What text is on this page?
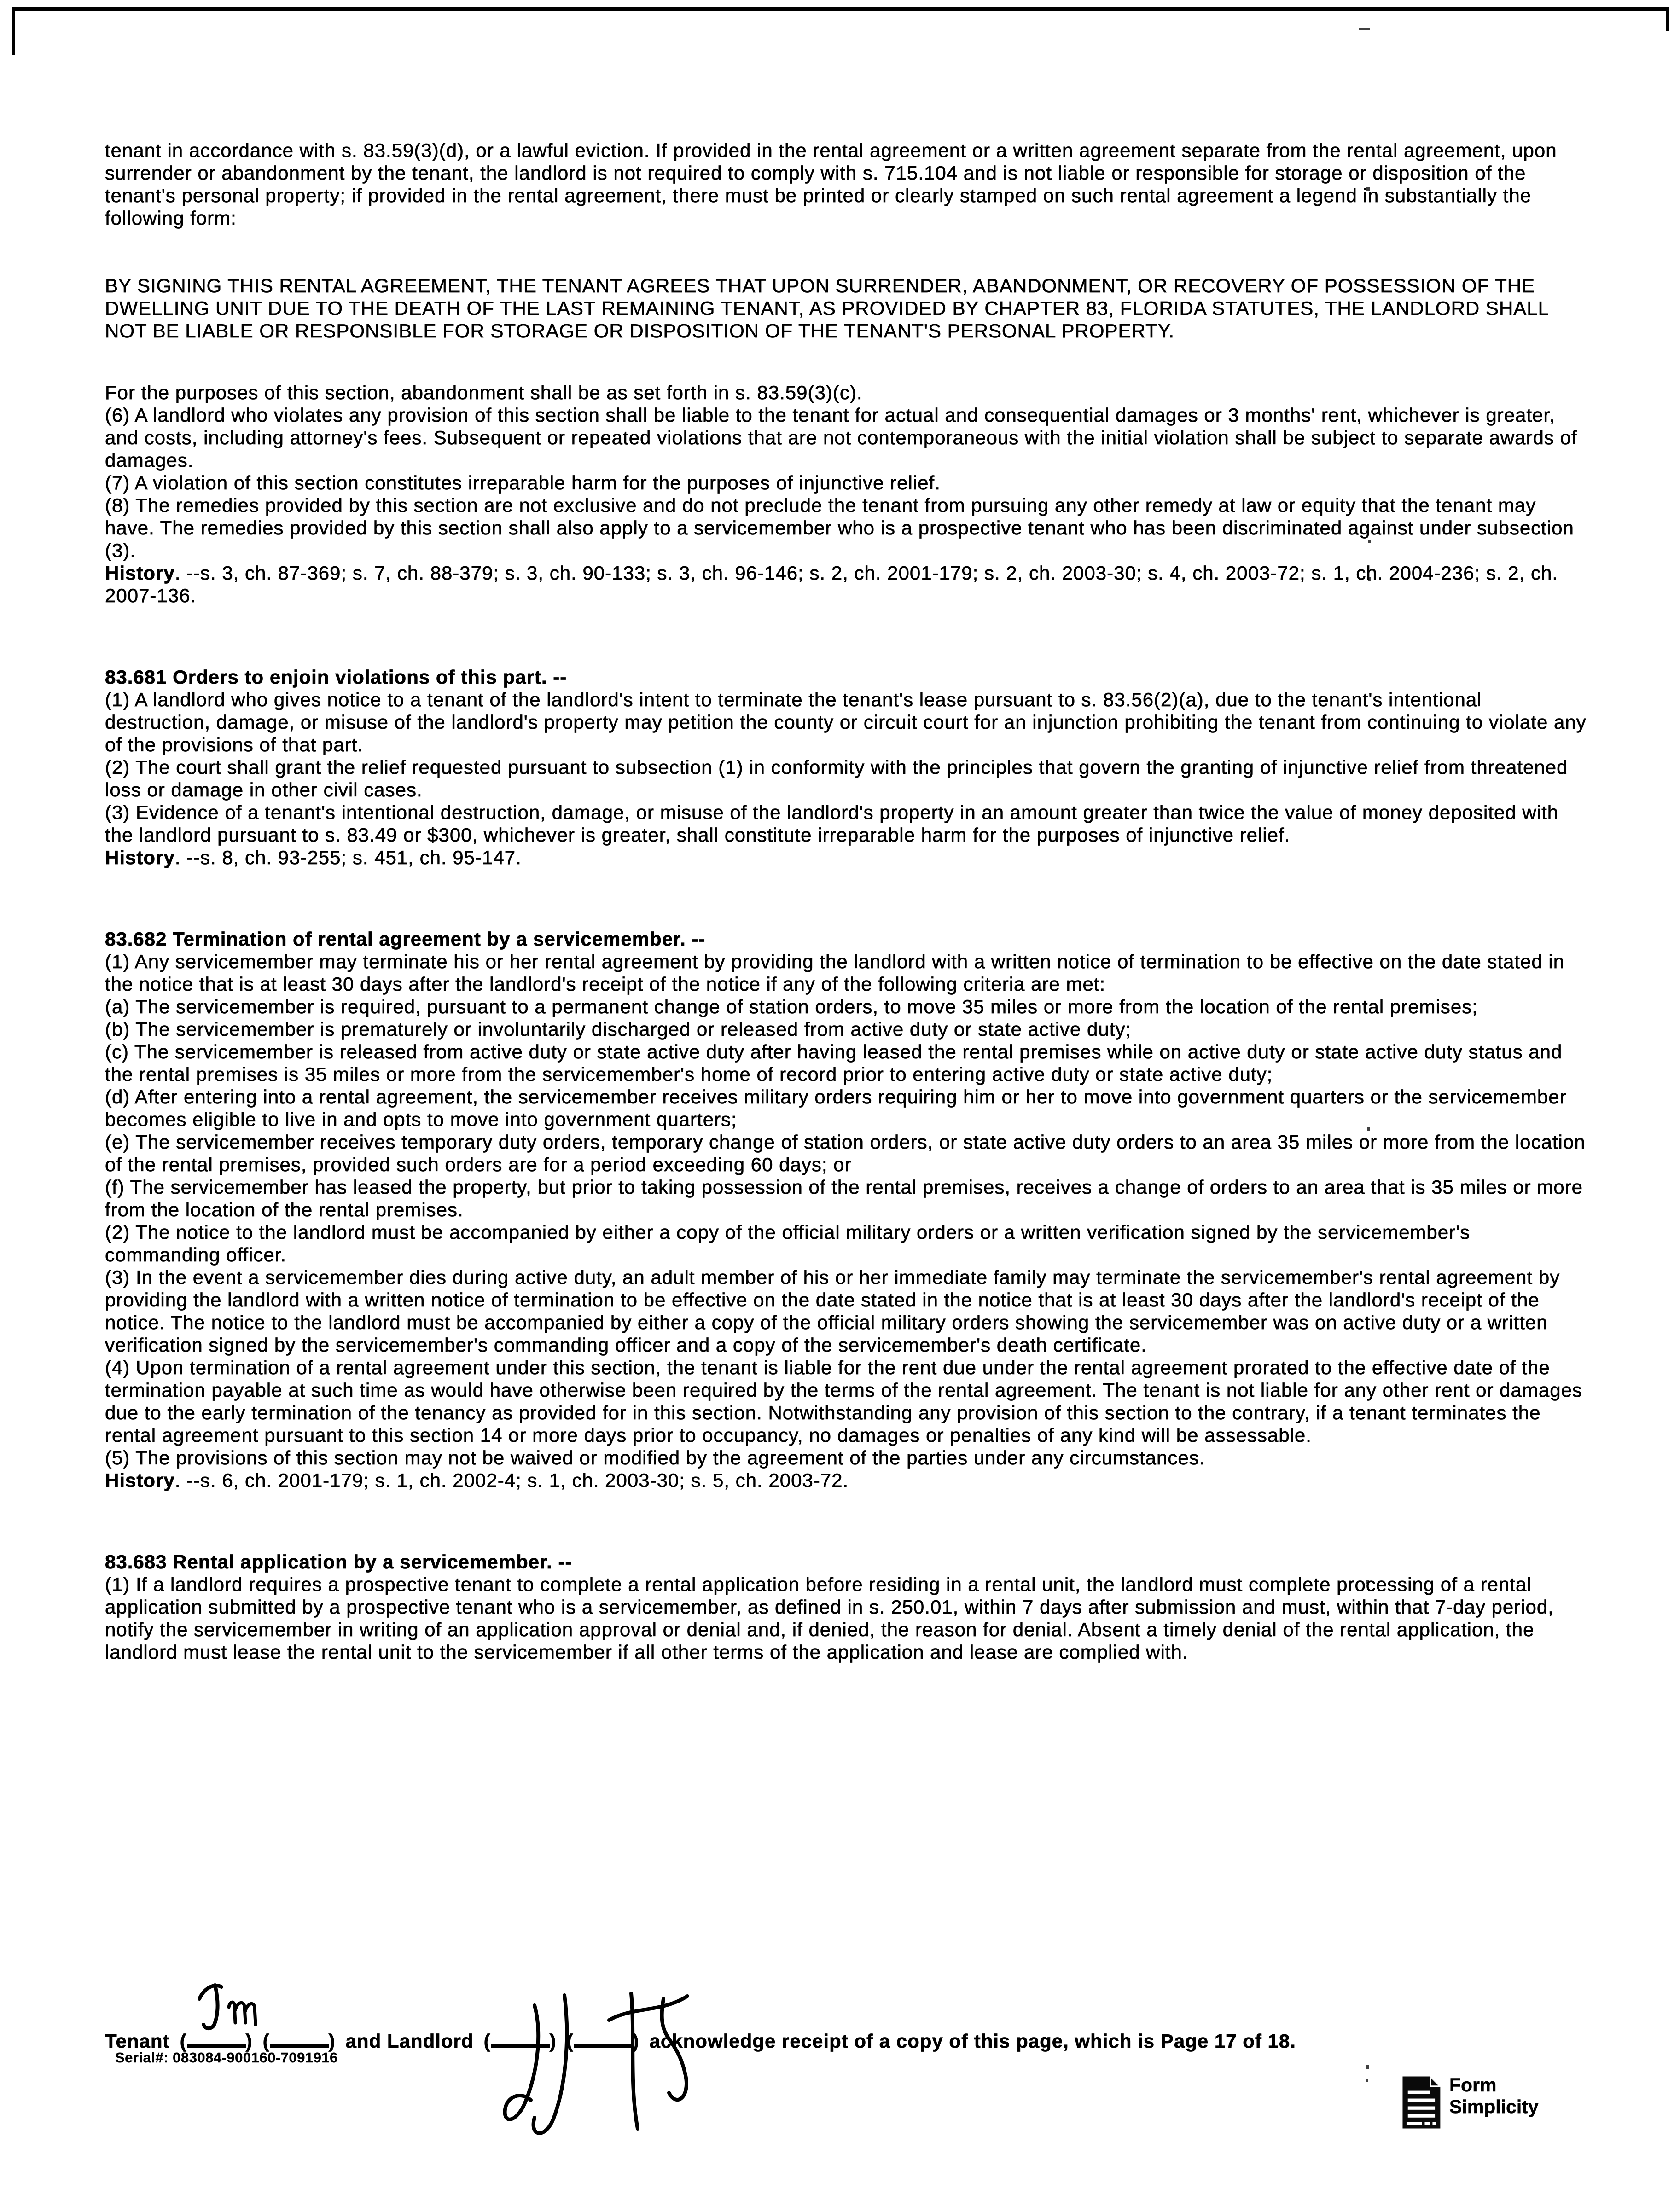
tenant in accordance with s. 83.59(3)(d), or a lawful eviction. If provided in the rental agreement or a written agreement separate from the rental agreement, upon surrender or abandonment by the tenant, the landlord is not required to comply with s. 715.104 and is not liable or responsible for storage or disposition of the tenant's personal property; if provided in the rental agreement, there must be printed or clearly stamped on such rental agreement a legend in substantially the following form:
BY SIGNING THIS RENTAL AGREEMENT, THE TENANT AGREES THAT UPON SURRENDER, ABANDONMENT, OR RECOVERY OF POSSESSION OF THE DWELLING UNIT DUE TO THE DEATH OF THE LAST REMAINING TENANT, AS PROVIDED BY CHAPTER 83, FLORIDA STATUTES, THE LANDLORD SHALL NOT BE LIABLE OR RESPONSIBLE FOR STORAGE OR DISPOSITION OF THE TENANT'S PERSONAL PROPERTY.
For the purposes of this section, abandonment shall be as set forth in s. 83.59(3)(c).
(6) A landlord who violates any provision of this section shall be liable to the tenant for actual and consequential damages or 3 months' rent, whichever is greater, and costs, including attorney's fees. Subsequent or repeated violations that are not contemporaneous with the initial violation shall be subject to separate awards of damages.
(7) A violation of this section constitutes irreparable harm for the purposes of injunctive relief.
(8) The remedies provided by this section are not exclusive and do not preclude the tenant from pursuing any other remedy at law or equity that the tenant may have. The remedies provided by this section shall also apply to a servicemember who is a prospective tenant who has been discriminated against under subsection (3).
History. --s. 3, ch. 87-369; s. 7, ch. 88-379; s. 3, ch. 90-133; s. 3, ch. 96-146; s. 2, ch. 2001-179; s. 2, ch. 2003-30; s. 4, ch. 2003-72; s. 1, ch. 2004-236; s. 2, ch. 2007-136.
83.681 Orders to enjoin violations of this part. --
(1) A landlord who gives notice to a tenant of the landlord's intent to terminate the tenant's lease pursuant to s. 83.56(2)(a), due to the tenant's intentional destruction, damage, or misuse of the landlord's property may petition the county or circuit court for an injunction prohibiting the tenant from continuing to violate any of the provisions of that part.
(2) The court shall grant the relief requested pursuant to subsection (1) in conformity with the principles that govern the granting of injunctive relief from threatened loss or damage in other civil cases.
(3) Evidence of a tenant's intentional destruction, damage, or misuse of the landlord's property in an amount greater than twice the value of money deposited with the landlord pursuant to s. 83.49 or $300, whichever is greater, shall constitute irreparable harm for the purposes of injunctive relief.
History. --s. 8, ch. 93-255; s. 451, ch. 95-147.
83.682 Termination of rental agreement by a servicemember. --
(1) Any servicemember may terminate his or her rental agreement by providing the landlord with a written notice of termination to be effective on the date stated in the notice that is at least 30 days after the landlord's receipt of the notice if any of the following criteria are met:
(a) The servicemember is required, pursuant to a permanent change of station orders, to move 35 miles or more from the location of the rental premises;
(b) The servicemember is prematurely or involuntarily discharged or released from active duty or state active duty;
(c) The servicemember is released from active duty or state active duty after having leased the rental premises while on active duty or state active duty status and the rental premises is 35 miles or more from the servicemember's home of record prior to entering active duty or state active duty;
(d) After entering into a rental agreement, the servicemember receives military orders requiring him or her to move into government quarters or the servicemember becomes eligible to live in and opts to move into government quarters;
(e) The servicemember receives temporary duty orders, temporary change of station orders, or state active duty orders to an area 35 miles or more from the location of the rental premises, provided such orders are for a period exceeding 60 days; or
(f) The servicemember has leased the property, but prior to taking possession of the rental premises, receives a change of orders to an area that is 35 miles or more from the location of the rental premises.
(2) The notice to the landlord must be accompanied by either a copy of the official military orders or a written verification signed by the servicemember's commanding officer.
(3) In the event a servicemember dies during active duty, an adult member of his or her immediate family may terminate the servicemember's rental agreement by providing the landlord with a written notice of termination to be effective on the date stated in the notice that is at least 30 days after the landlord's receipt of the notice. The notice to the landlord must be accompanied by either a copy of the official military orders showing the servicemember was on active duty or a written verification signed by the servicemember's commanding officer and a copy of the servicemember's death certificate.
(4) Upon termination of a rental agreement under this section, the tenant is liable for the rent due under the rental agreement prorated to the effective date of the termination payable at such time as would have otherwise been required by the terms of the rental agreement. The tenant is not liable for any other rent or damages due to the early termination of the tenancy as provided for in this section. Notwithstanding any provision of this section to the contrary, if a tenant terminates the rental agreement pursuant to this section 14 or more days prior to occupancy, no damages or penalties of any kind will be assessable.
(5) The provisions of this section may not be waived or modified by the agreement of the parties under any circumstances.
History. --s. 6, ch. 2001-179; s. 1, ch. 2002-4; s. 1, ch. 2003-30; s. 5, ch. 2003-72.
83.683 Rental application by a servicemember. --
(1) If a landlord requires a prospective tenant to complete a rental application before residing in a rental unit, the landlord must complete processing of a rental application submitted by a prospective tenant who is a servicemember, as defined in s. 250.01, within 7 days after submission and must, within that 7-day period, notify the servicemember in writing of an application approval or denial and, if denied, the reason for denial. Absent a timely denial of the rental application, the landlord must lease the rental unit to the servicemember if all other terms of the application and lease are complied with.
Tenant (	) (	) and Landlord (	) (	) acknowledge receipt of a copy of this page, which is Page 17 of 18.
Serial#: 083084-900160-7091916
Form
Simplicity
